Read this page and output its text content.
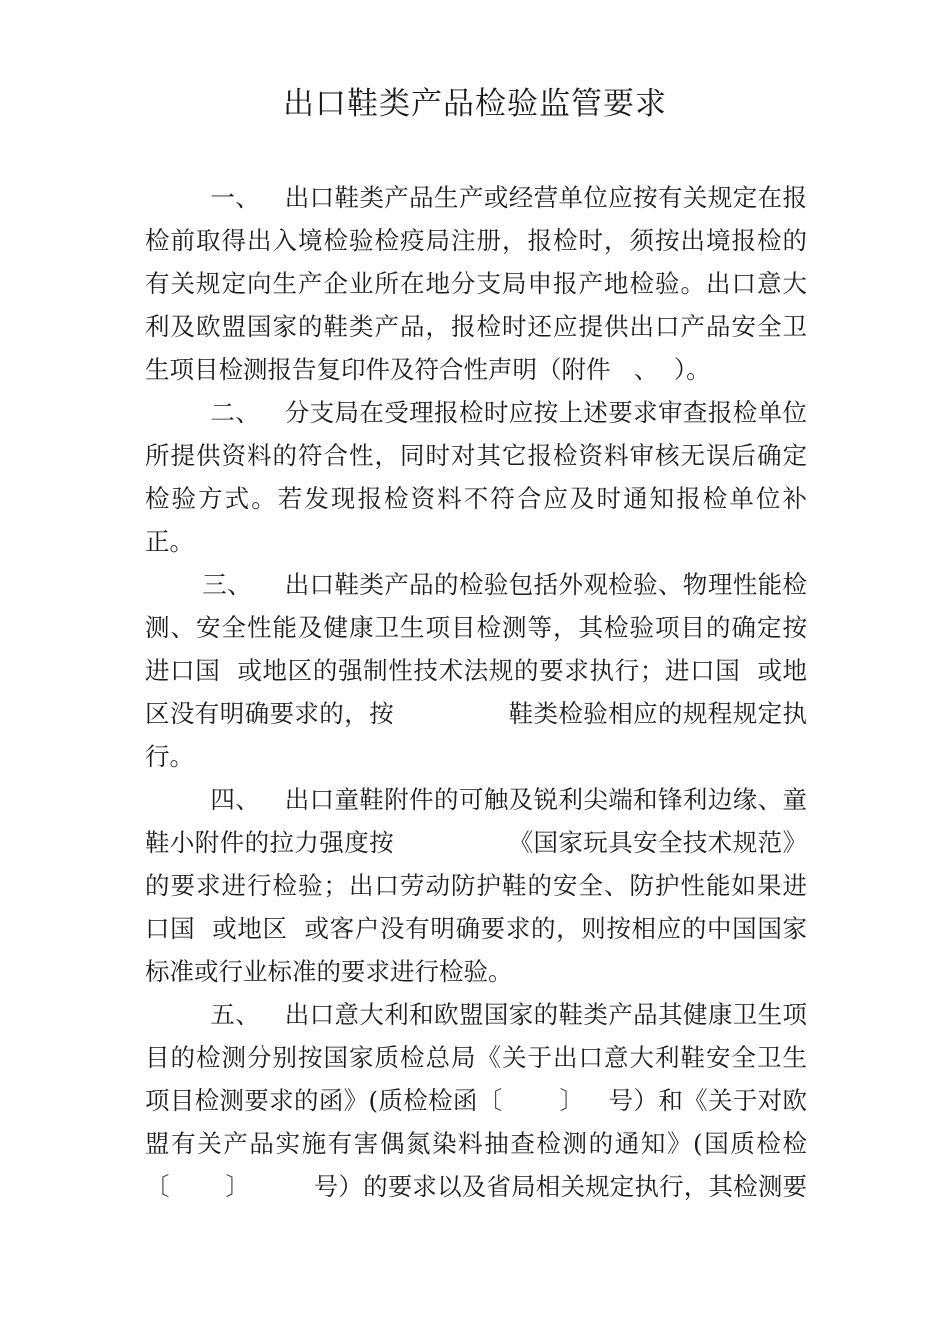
出口鞋类产品检验监管要求
一、   出口鞋类产品生产或经营单位应按有关规定在报
检前取得出入境检验检疫局注册，报检时，须按出境报检的
有关规定向生产企业所在地分支局申报产地检验。出口意大
利及欧盟国家的鞋类产品，报检时还应提供出口产品安全卫
生项目检测报告复印件及符合性声明（附件   、  ）。
二、   分支局在受理报检时应按上述要求审查报检单位
所提供资料的符合性，同时对其它报检资料审核无误后确定
检验方式。若发现报检资料不符合应及时通知报检单位补
正。
三、    出口鞋类产品的检验包括外观检验、物理性能检
测、安全性能及健康卫生项目检测等，其检验项目的确定按
进口国  或地区的强制性技术法规的要求执行；进口国  或地
区没有明确要求的，按              鞋类检验相应的规程规定执
行。
四、   出口童鞋附件的可触及锐利尖端和锋利边缘、童
鞋小附件的拉力强度按              《国家玩具安全技术规范》
的要求进行检验；出口劳动防护鞋的安全、防护性能如果进
口国  或地区  或客户没有明确要求的，则按相应的中国国家
标准或行业标准的要求进行检验。
五、   出口意大利和欧盟国家的鞋类产品其健康卫生项
目的检测分别按国家质检总局《关于出口意大利鞋安全卫生
项目检测要求的函》(质检检函〔       〕   号）和《关于对欧
盟有关产品实施有害偶氮染料抽查检测的通知》(国质检检
〔       〕        号）的要求以及省局相关规定执行，其检测要
